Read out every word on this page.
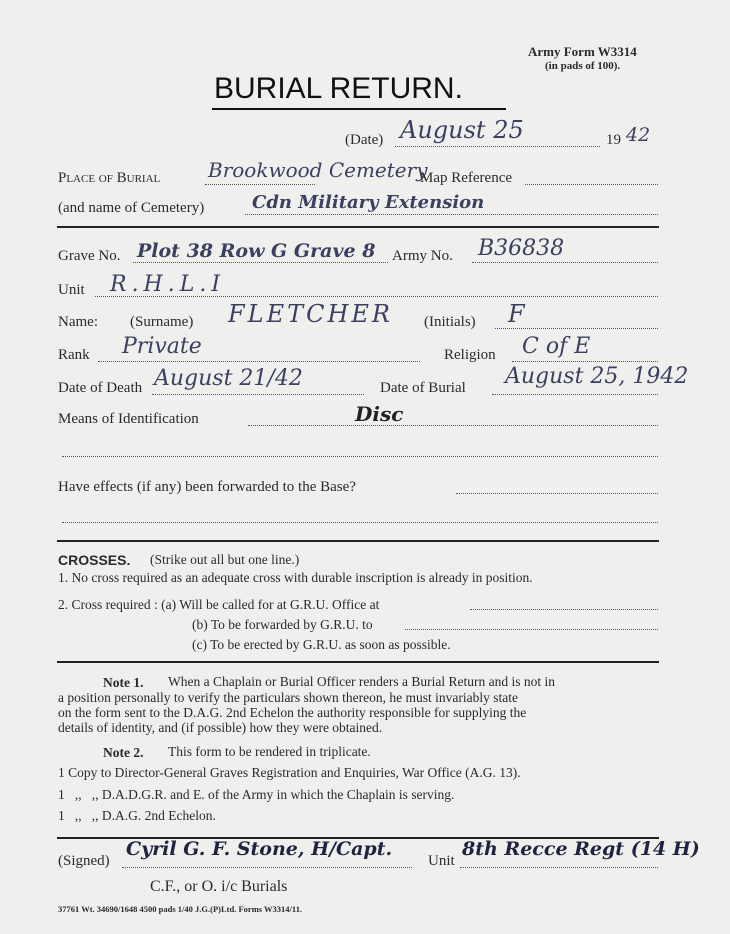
Army Form W3314
(in pads of 100).
BURIAL RETURN.
(Date) August 25	19 42
Place of Burial Brookwood Cemetery
Map Reference
(and name of Cemetery)	Cdn Military Extension
Grave No. Plot 38 Row G Grave 8 Army No. B36838
Unit R.H.L.I
Name: (Surname) FLETCHER (Initials) F
Rank Private	Religion C of E
Date of Death August 21/42	Date of Burial August 25, 1942
Means of Identification	Disc
Have effects (if any) been forwarded to the Base?
CROSSES. (Strike out all but one line.)
1. No cross required as an adequate cross with durable inscription is already in position.
2. Cross required : (a) Will be called for at G.R.U. Office at
(b) To be forwarded by G.R.U. to
(c) To be erected by G.R.U. as soon as possible.
Note 1. When a Chaplain or Burial Officer renders a Burial Return and is not in
a position personally to verify the particulars shown thereon, he must invariably state
on the form sent to the D.A.G. 2nd Echelon the authority responsible for supplying the
details of identity, and (if possible) how they were obtained.
Note 2. This form to be rendered in triplicate.
1 Copy to Director-General Graves Registration and Enquiries, War Office (A.G. 13).
1   ,,   ,, D.A.D.G.R. and E. of the Army in which the Chaplain is serving.
1   ,,   ,, D.A.G. 2nd Echelon.
(Signed)
Cyril G. F. Stone, H/Capt.
Unit
8th Recce Regt (14 H)
C.F., or O. i/c Burials
37761 Wt. 34690/1648 4500 pads 1/40 J.G.(P)Ltd. Forms W3314/11.
